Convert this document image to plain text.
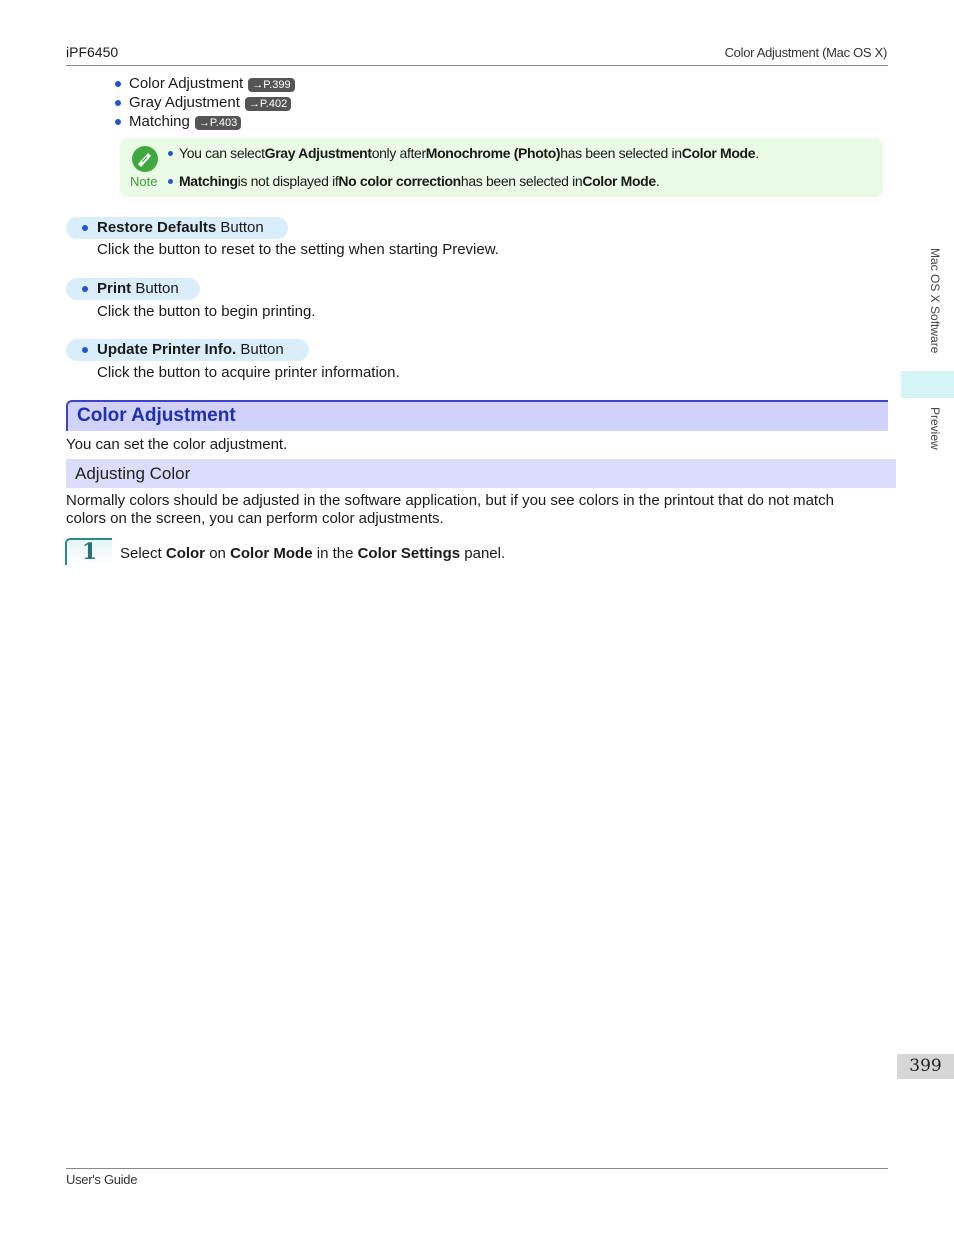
iPF6450	Color Adjustment (Mac OS X)
Color Adjustment →P.399
Gray Adjustment →P.402
Matching →P.403
Note
You can select Gray Adjustment only after Monochrome (Photo) has been selected in Color Mode .
Matching is not displayed if No color correction has been selected in Color Mode .
Restore Defaults Button
Click the button to reset to the setting when starting Preview.
Print Button
Click the button to begin printing.
Update Printer Info. Button
Click the button to acquire printer information.
Color Adjustment
You can set the color adjustment.
Adjusting Color
Normally colors should be adjusted in the software application, but if you see colors in the printout that do not match
colors on the screen, you can perform color adjustments.
1	Select Color on Color Mode in the Color Settings panel.
Mac OS X Software
Preview
399
User's Guide
